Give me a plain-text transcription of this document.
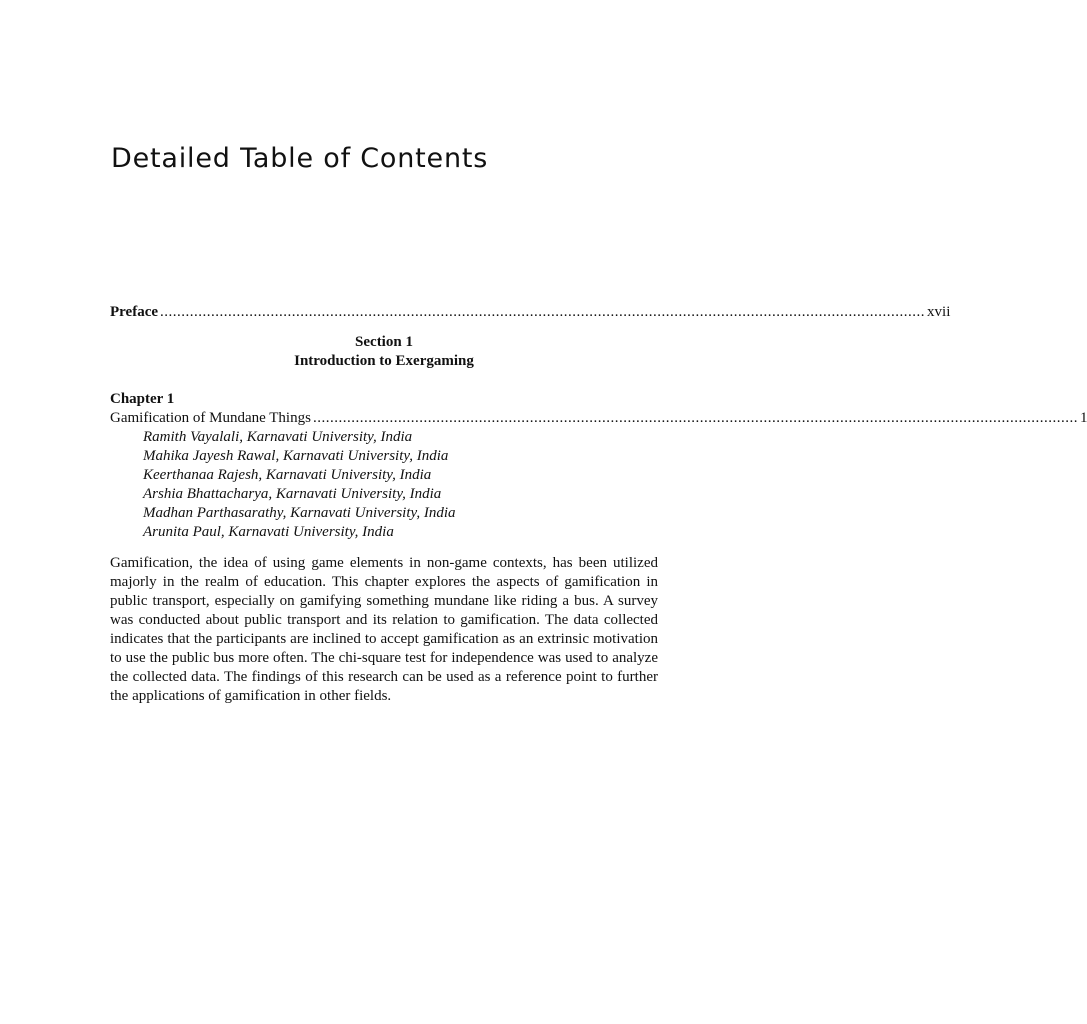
Detailed Table of Contents
Preface .................................................................................................................................................................................... xvii
Section 1
Introduction to Exergaming
Chapter 1
Gamification of Mundane Things .................................................................................................................................................................................... 1
Ramith Vayalali, Karnavati University, India
Mahika Jayesh Rawal, Karnavati University, India
Keerthanaa Rajesh, Karnavati University, India
Arshia Bhattacharya, Karnavati University, India
Madhan Parthasarathy, Karnavati University, India
Arunita Paul, Karnavati University, India

Gamification, the idea of using game elements in non-game contexts, has been utilized majorly in the realm of education. This chapter explores the aspects of gamification in public transport, especially on gamifying something mundane like riding a bus. A survey was conducted about public transport and its relation to gamification. The data collected indicates that the participants are inclined to accept gamification as an extrinsic motivation to use the public bus more often. The chi-square test for independence was used to analyze the collected data. The findings of this research can be used as a reference point to further the applications of gamification in other fields.
